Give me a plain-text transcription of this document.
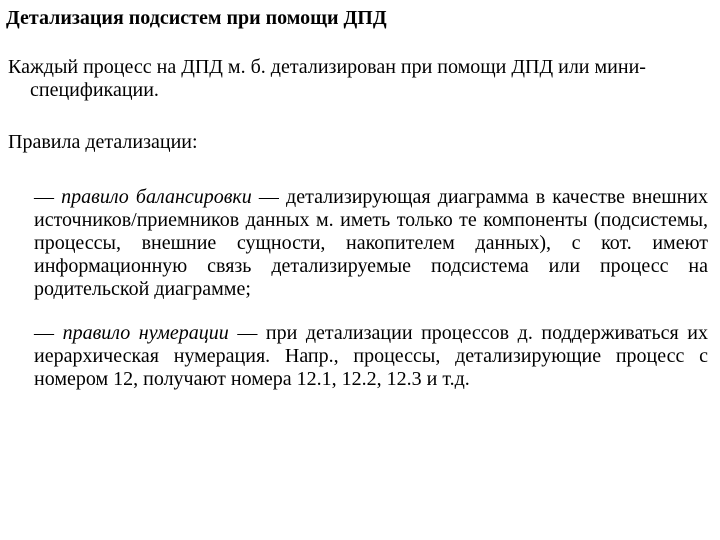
Детализация подсистем при помощи ДПД
Каждый процесс на ДПД м. б. детализирован при помощи ДПД или мини-спецификации.
Правила детализации:
— правило балансировки — детализирующая диаграмма в качестве внешних источников/приемников данных м. иметь только те компоненты (подсистемы, процессы, внешние сущности, накопителем данных), с кот. имеют информационную связь детализируемые подсистема или процесс на родительской диаграмме;
— правило нумерации — при детализации процессов д. поддерживаться их иерархическая нумерация. Напр., процессы, детализирующие процесс с номером 12, получают номера 12.1, 12.2, 12.3 и т.д.
